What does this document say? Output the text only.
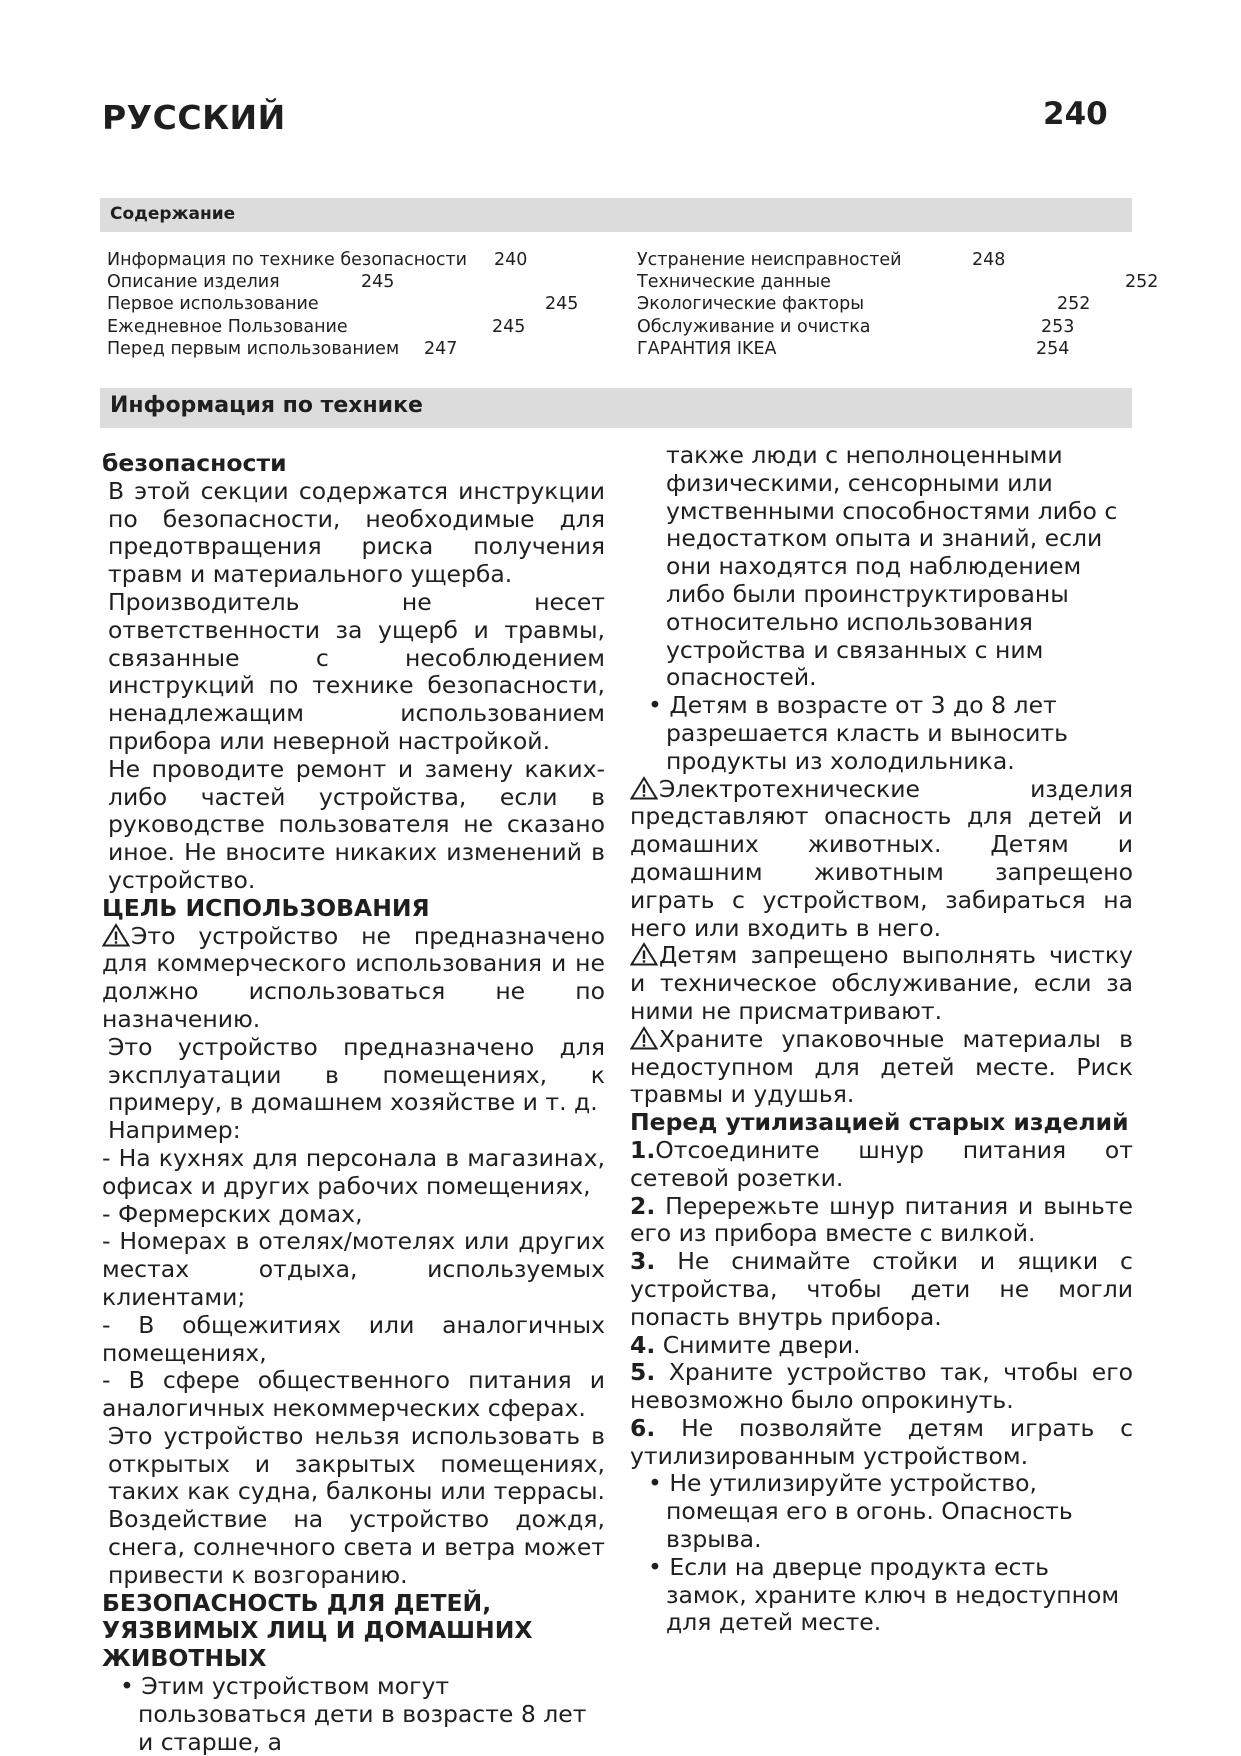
РУССКИЙ	240
Содержание
Информация по технике безопасности 240
Описание изделия	245
Первое использование	245
Ежедневное Пользование	245
Перед первым использованием 247
Устранение неисправностей	248
Технические данные	252
Экологические факторы	252
Обслуживание и очистка	253
ГАРАНТИЯ IKEA	254
Информация по технике

безопасности

В этой секции содержатся инструкции по безопасности, необходимые для предотвращения риска получения травм и материального ущерба.

Производитель не несет ответственности за ущерб и травмы, связанные с несоблюдением инструкций по технике безопасности, ненадлежащим использованием прибора или неверной настройкой.

Не проводите ремонт и замену каких-либо частей устройства, если в руководстве пользователя не сказано иное. Не вносите никаких изменений в устройство.

ЦЕЛЬ ИСПОЛЬЗОВАНИЯ

Это устройство не предназначено для коммерческого использования и не должно использоваться не по назначению.

Это устройство предназначено для эксплуатации в помещениях, к примеру, в домашнем хозяйстве и т. д.

Например:

- На кухнях для персонала в магазинах, офисах и других рабочих помещениях,

- Фермерских домах,

- Номерах в отелях/мотелях или других местах отдыха, используемых клиентами;

- В общежитиях или аналогичных помещениях,

- В сфере общественного питания и аналогичных некоммерческих сферах.

Это устройство нельзя использовать в открытых и закрытых помещениях, таких как судна, балконы или террасы. Воздействие на устройство дождя, снега, солнечного света и ветра может привести к возгоранию.

БЕЗОПАСНОСТЬ ДЛЯ ДЕТЕЙ,

УЯЗВИМЫХ ЛИЦ И ДОМАШНИХ

ЖИВОТНЫХ

• Этим устройством могут пользоваться дети в возрасте 8 лет и старше, а

также люди с неполноценными физическими, сенсорными или умственными способностями либо с недостатком опыта и знаний, если они находятся под наблюдением либо были проинструктированы относительно использования устройства и связанных с ним опасностей.

• Детям в возрасте от 3 до 8 лет разрешается класть и выносить продукты из холодильника.

Электротехнические изделия представляют опасность для детей и домашних животных. Детям и домашним животным запрещено играть с устройством, забираться на него или входить в него.

Детям запрещено выполнять чистку и техническое обслуживание, если за ними не присматривают.

Храните упаковочные материалы в недоступном для детей месте. Риск травмы и удушья.

Перед утилизацией старых изделий

1.Отсоедините шнур питания от сетевой розетки.

2. Перережьте шнур питания и выньте его из прибора вместе с вилкой.

3. Не снимайте стойки и ящики с устройства, чтобы дети не могли попасть внутрь прибора.

4. Снимите двери.

5. Храните устройство так, чтобы его невозможно было опрокинуть.

6. Не позволяйте детям играть с утилизированным устройством.

• Не утилизируйте устройство, помещая его в огонь. Опасность взрыва.

• Если на дверце продукта есть замок, храните ключ в недоступном для детей месте.
